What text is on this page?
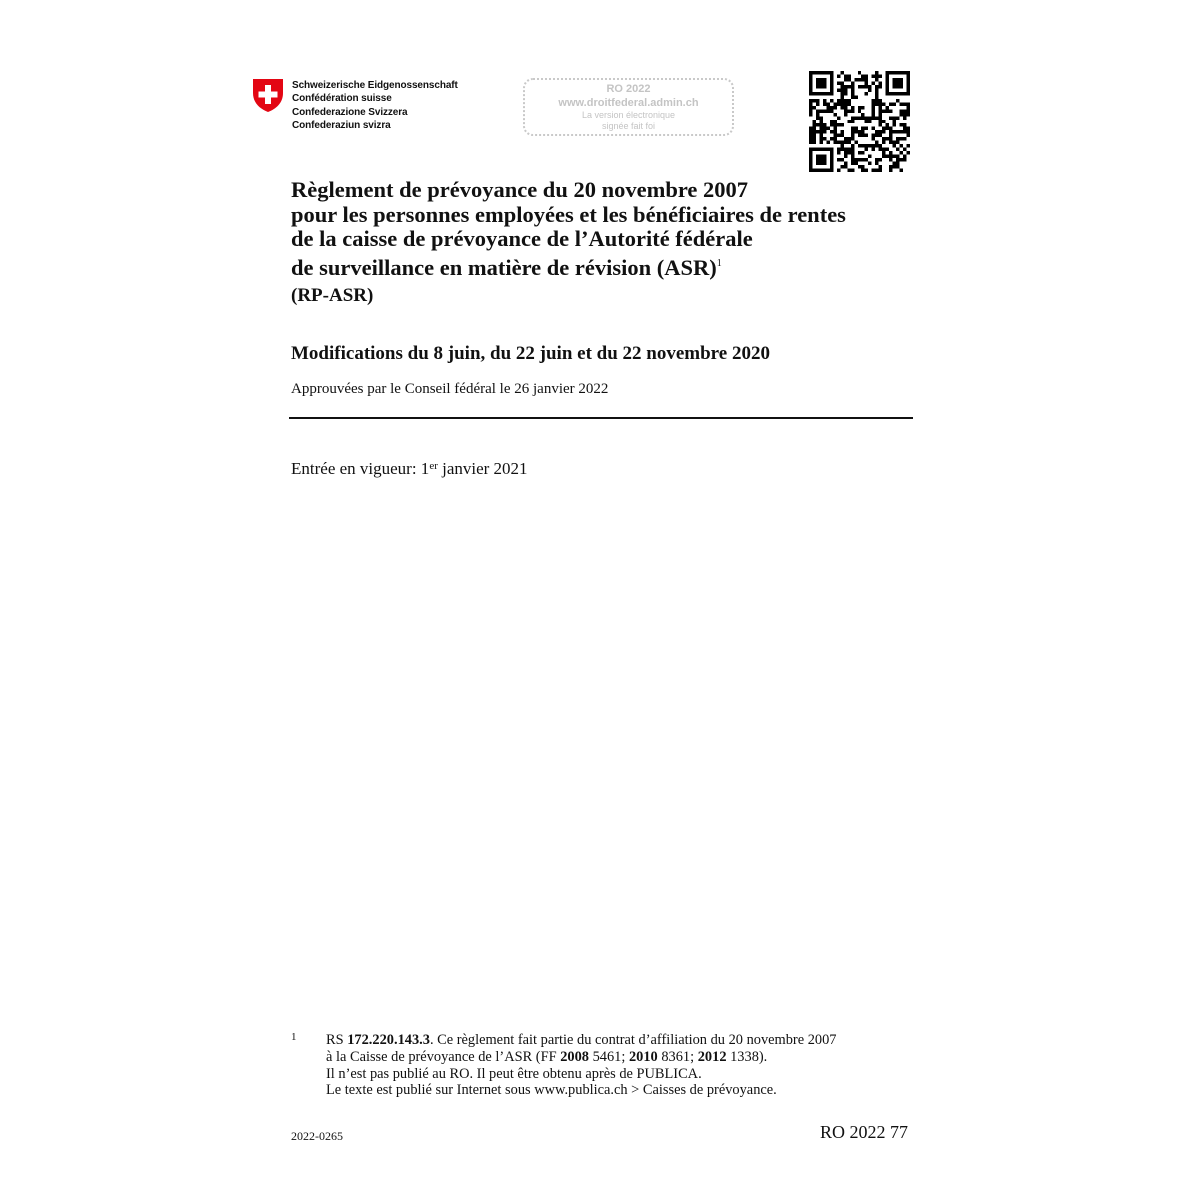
Schweizerische Eidgenossenschaft
Confédération suisse
Confederazione Svizzera
Confederaziun svizra
RO 2022
www.droitfederal.admin.ch
La version électronique
signée fait foi
Règlement de prévoyance du 20 novembre 2007
pour les personnes employées et les bénéficiaires de rentes
de la caisse de prévoyance de l’Autorité fédérale
de surveillance en matière de révision (ASR)$^1$
(RP-ASR)
Modifications du 8 juin, du 22 juin et du 22 novembre 2020
Approuvées par le Conseil fédéral le 26 janvier 2022
Entrée en vigueur: 1er janvier 2021
1 RS 172.220.143.3. Ce règlement fait partie du contrat d’affiliation du 20 novembre 2007
à la Caisse de prévoyance de l’ASR (FF 2008 5461; 2010 8361; 2012 1338).
Il n’est pas publié au RO. Il peut être obtenu après de PUBLICA.
Le texte est publié sur Internet sous www.publica.ch > Caisses de prévoyance.
2022-0265	RO 2022 77
